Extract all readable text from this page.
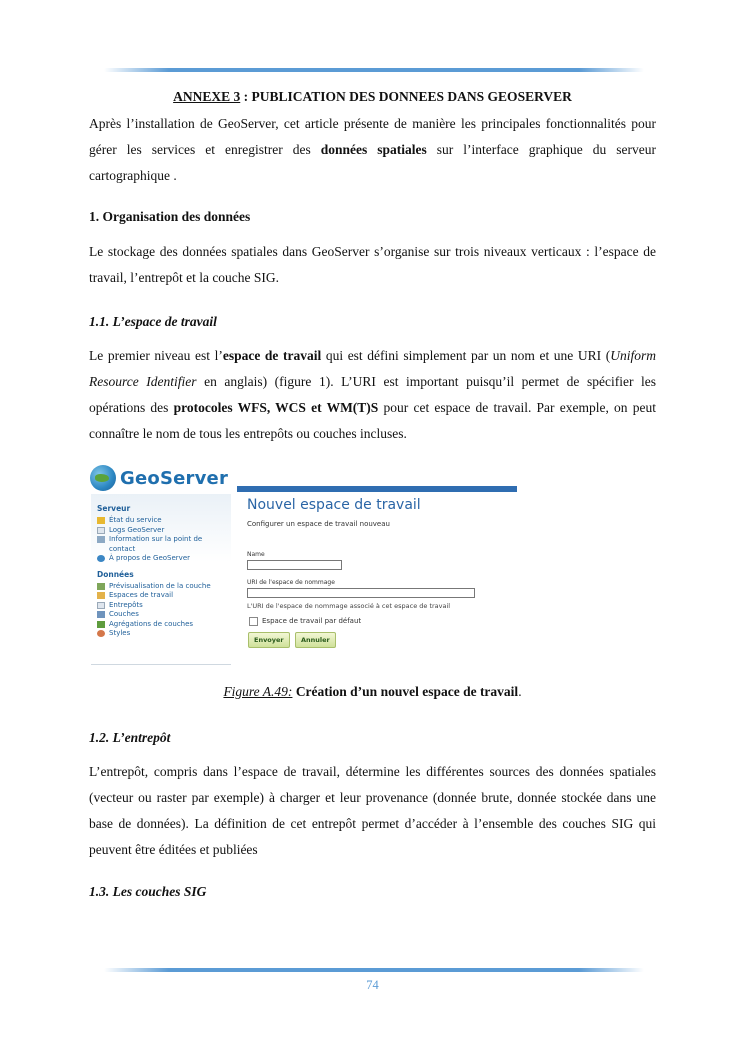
ANNEXE 3 : PUBLICATION DES DONNEES DANS GEOSERVER
Après l’installation de GeoServer, cet article présente de manière les principales fonctionnalités pour gérer les services et enregistrer des données spatiales sur l’interface graphique du serveur cartographique .
1. Organisation des données
Le stockage des données spatiales dans GeoServer s’organise sur trois niveaux verticaux : l’espace de travail, l’entrepôt et la couche SIG.
1.1. L’espace de travail
Le premier niveau est l’espace de travail qui est défini simplement par un nom et une URI (Uniform Resource Identifier en anglais) (figure 1). L’URI est important puisqu’il permet de spécifier les opérations des protocoles WFS, WCS et WM(T)S pour cet espace de travail. Par exemple, on peut connaître le nom de tous les entrepôts ou couches incluses.
GeoServer
Serveur
État du service
Logs GeoServer
Information sur la point de contact
À propos de GeoServer
Données
Prévisualisation de la couche
Espaces de travail
Entrepôts
Couches
Agrégations de couches
Styles
Nouvel espace de travail
Configurer un espace de travail nouveau
Name
URI de l'espace de nommage
L'URI de l'espace de nommage associé à cet espace de travail
Espace de travail par défaut
Envoyer	Annuler
Figure A.49: Création d’un nouvel espace de travail.
1.2. L’entrepôt
L’entrepôt, compris dans l’espace de travail, détermine les différentes sources des données spatiales (vecteur ou raster par exemple) à charger et leur provenance (donnée brute, donnée stockée dans une base de données). La définition de cet entrepôt permet d’accéder à l’ensemble des couches SIG qui peuvent être éditées et publiées
1.3. Les couches SIG
74
